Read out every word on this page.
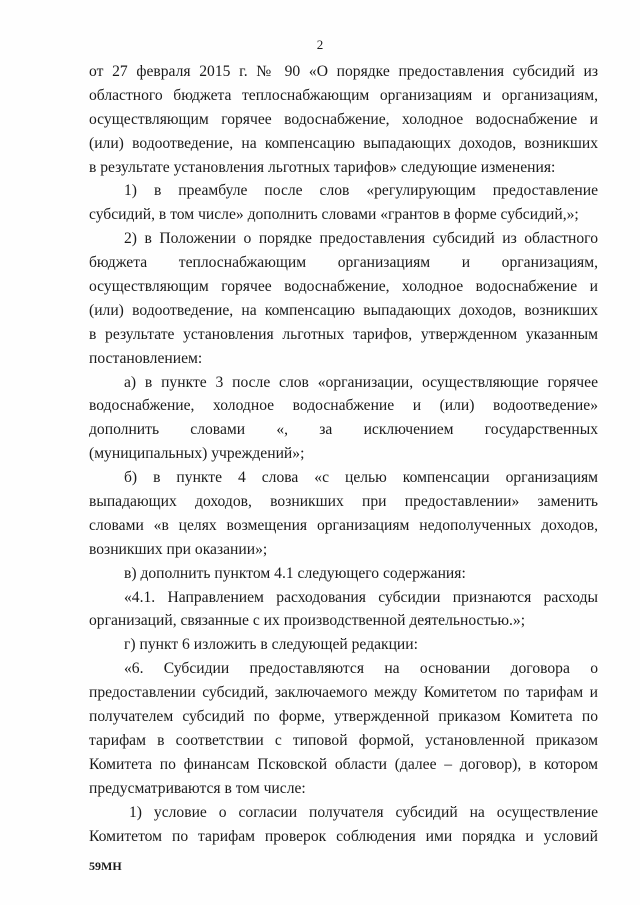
2
от 27 февраля 2015 г. № 90 «О порядке предоставления субсидий из
областного бюджета теплоснабжающим организациям и организациям,
осуществляющим горячее водоснабжение, холодное водоснабжение и
(или) водоотведение, на компенсацию выпадающих доходов, возникших
в результате установления льготных тарифов» следующие изменения:
1) в преамбуле после слов «регулирующим предоставление
субсидий, в том числе» дополнить словами «грантов в форме субсидий,»;
2) в Положении о порядке предоставления субсидий из областного
бюджета теплоснабжающим организациям и организациям,
осуществляющим горячее водоснабжение, холодное водоснабжение и
(или) водоотведение, на компенсацию выпадающих доходов, возникших
в результате установления льготных тарифов, утвержденном указанным
постановлением:
а) в пункте 3 после слов «организации, осуществляющие горячее
водоснабжение, холодное водоснабжение и (или) водоотведение»
дополнить словами «, за исключением государственных
(муниципальных) учреждений»;
б) в пункте 4 слова «с целью компенсации организациям
выпадающих доходов, возникших при предоставлении» заменить
словами «в целях возмещения организациям недополученных доходов,
возникших при оказании»;
в) дополнить пунктом 4.1 следующего содержания:
«4.1. Направлением расходования субсидии признаются расходы
организаций, связанные с их производственной деятельностью.»;
г) пункт 6 изложить в следующей редакции:
«6. Субсидии предоставляются на основании договора о
предоставлении субсидий, заключаемого между Комитетом по тарифам и
получателем субсидий по форме, утвержденной приказом Комитета по
тарифам в соответствии с типовой формой, установленной приказом
Комитета по финансам Псковской области (далее – договор), в котором
предусматриваются в том числе:
1) условие о согласии получателя субсидий на осуществление
Комитетом по тарифам проверок соблюдения ими порядка и условий
59МН
